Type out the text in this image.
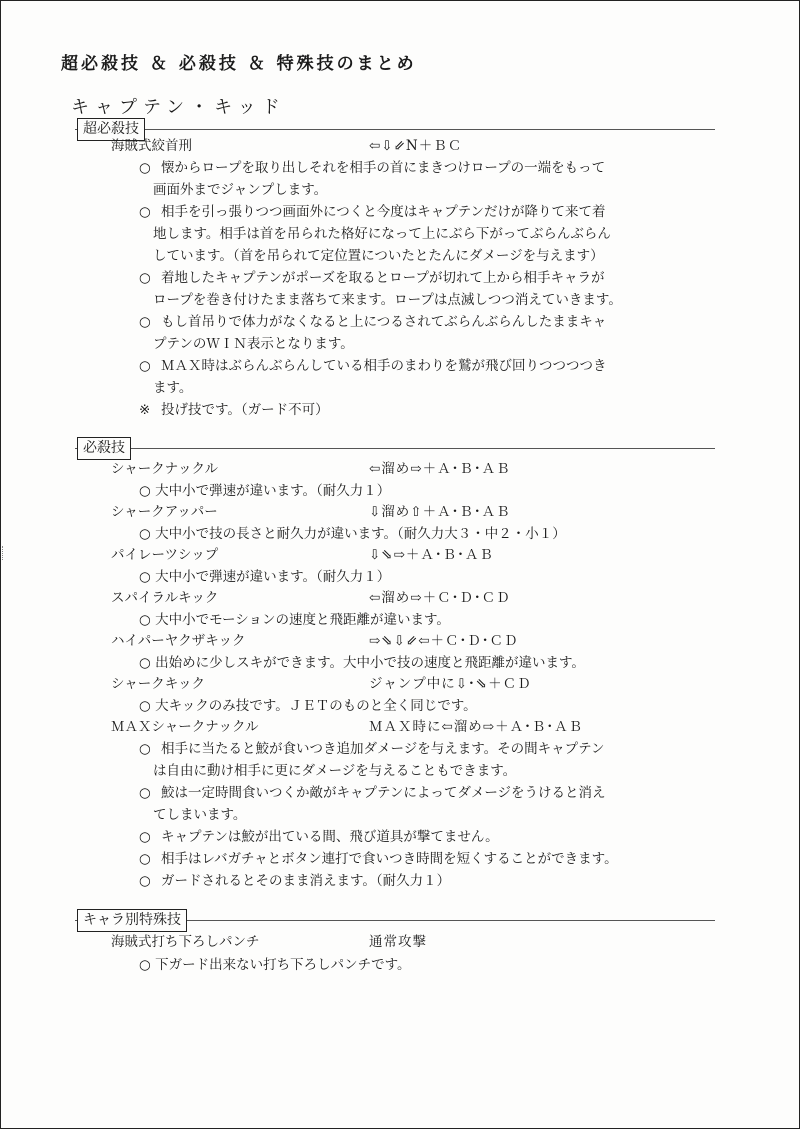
超必殺技 ＆ 必殺技 ＆ 特殊技のまとめ
キャプテン・キッド
超必殺技
海賊式絞首刑	⇦⇩⇙N＋ＢＣ
○ 懐からロープを取り出しそれを相手の首にまきつけロープの一端をもって
画面外までジャンプします。
○ 相手を引っ張りつつ画面外につくと今度はキャプテンだけが降りて来て着
地します。相手は首を吊られた格好になって上にぶら下がってぶらんぶらん
しています。（首を吊られて定位置についたとたんにダメージを与えます）
○ 着地したキャプテンがポーズを取るとロープが切れて上から相手キャラが
ロープを巻き付けたまま落ちて来ます。ロープは点滅しつつ消えていきます。
○ もし首吊りで体力がなくなると上につるされてぶらんぶらんしたままキャ
プテンのＷＩＮ表示となります。
○ ＭＡＸ時はぶらんぶらんしている相手のまわりを鷲が飛び回りつつつつき
ます。
※ 投げ技です。（ガード不可）
必殺技
シャークナックル	⇦溜め⇨＋Ａ･Ｂ･ＡＢ
○ 大中小で弾速が違います。（耐久力１）
シャークアッパー	⇩溜め⇧＋Ａ･Ｂ･ＡＢ
○ 大中小で技の長さと耐久力が違います。（耐久力大３・中２・小１）
パイレーツシップ	⇩⇘⇨＋Ａ･Ｂ･ＡＢ
○ 大中小で弾速が違います。（耐久力１）
スパイラルキック	⇦溜め⇨＋Ｃ･Ｄ･ＣＤ
○ 大中小でモーションの速度と飛距離が違います。
ハイパーヤクザキック	⇨⇘⇩⇙⇦＋Ｃ･Ｄ･ＣＤ
○ 出始めに少しスキができます。大中小で技の速度と飛距離が違います。
シャークキック	ジャンプ中に⇩･⇘＋ＣＤ
○ 大キックのみ技です。ＪＥＴのものと全く同じです。
ＭＡＸシャークナックル	ＭＡＸ時に⇦溜め⇨＋Ａ･Ｂ･ＡＢ
○ 相手に当たると鮫が食いつき追加ダメージを与えます。その間キャプテン
は自由に動け相手に更にダメージを与えることもできます。
○ 鮫は一定時間食いつくか敵がキャプテンによってダメージをうけると消え
てしまいます。
○ キャプテンは鮫が出ている間、飛び道具が撃てません。
○ 相手はレバガチャとボタン連打で食いつき時間を短くすることができます。
○ ガードされるとそのまま消えます。（耐久力１）
キャラ別特殊技
海賊式打ち下ろしパンチ	通常攻撃
○ 下ガード出来ない打ち下ろしパンチです。
